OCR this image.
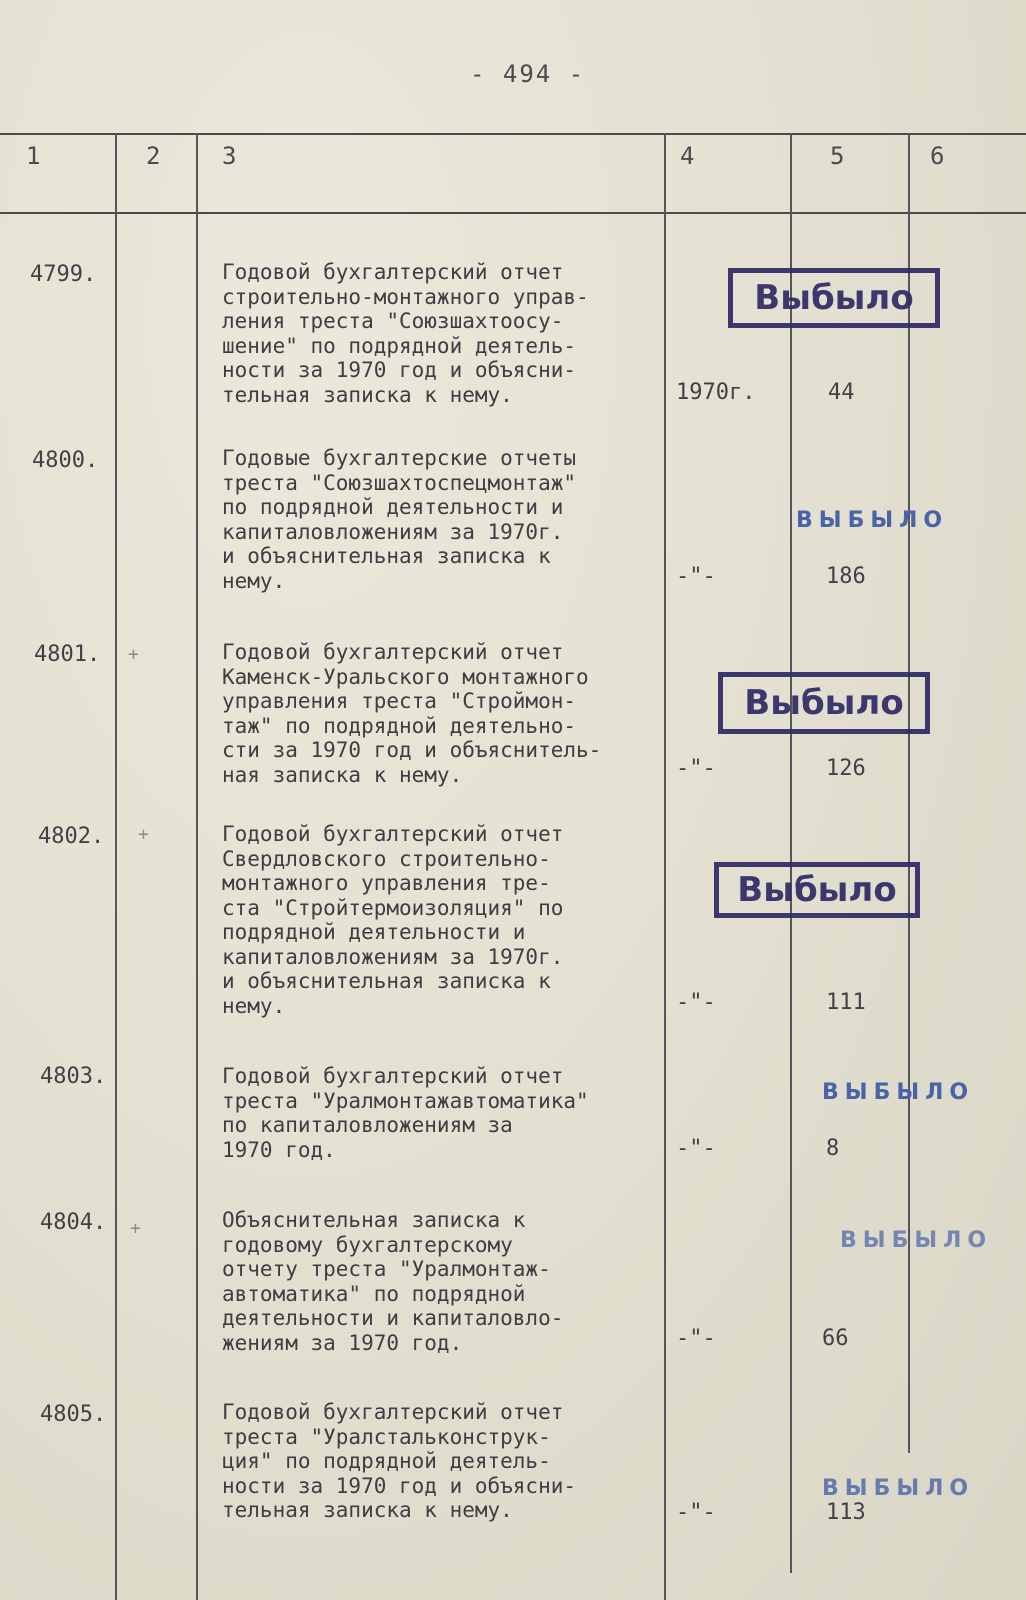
- 494 -
1	2	3	4	5	6
4799.	Годовой бухгалтерский отчет
строительно-монтажного управ-
ления треста "Союзшахтоосу-
шение" по подрядной деятель-
ности за 1970 год и объясни-
тельная записка к нему.	1970г.	44
Выбыло
4800.	Годовые бухгалтерские отчеты
треста "Союзшахтоспецмонтаж"
по подрядной деятельности и
капиталовложениям за 1970г.
и объяснительная записка к
нему.	-"-	186
ВЫБЫЛО
4801. +	Годовой бухгалтерский отчет
Каменск-Уральского монтажного
управления треста "Строймон-
таж" по подрядной деятельно-
сти за 1970 год и объяснитель-
ная записка к нему.	-"-	126
Выбыло
4802. +	Годовой бухгалтерский отчет
Свердловского строительно-
монтажного управления тре-
ста "Стройтермоизоляция" по
подрядной деятельности и
капиталовложениям за 1970г.
и объяснительная записка к
нему.	-"-	111
Выбыло
4803.	Годовой бухгалтерский отчет
треста "Уралмонтажавтоматика"
по капиталовложениям за
1970 год.	-"-	8
ВЫБЫЛО
4804. +	Объяснительная записка к
годовому бухгалтерскому
отчету треста "Уралмонтаж-
автоматика" по подрядной
деятельности и капиталовло-
жениям за 1970 год.	-"-	66
ВЫБЫЛО
4805.	Годовой бухгалтерский отчет
треста "Уралстальконструк-
ция" по подрядной деятель-
ности за 1970 год и объясни-
тельная записка к нему.	-"-	113
ВЫБЫЛО
